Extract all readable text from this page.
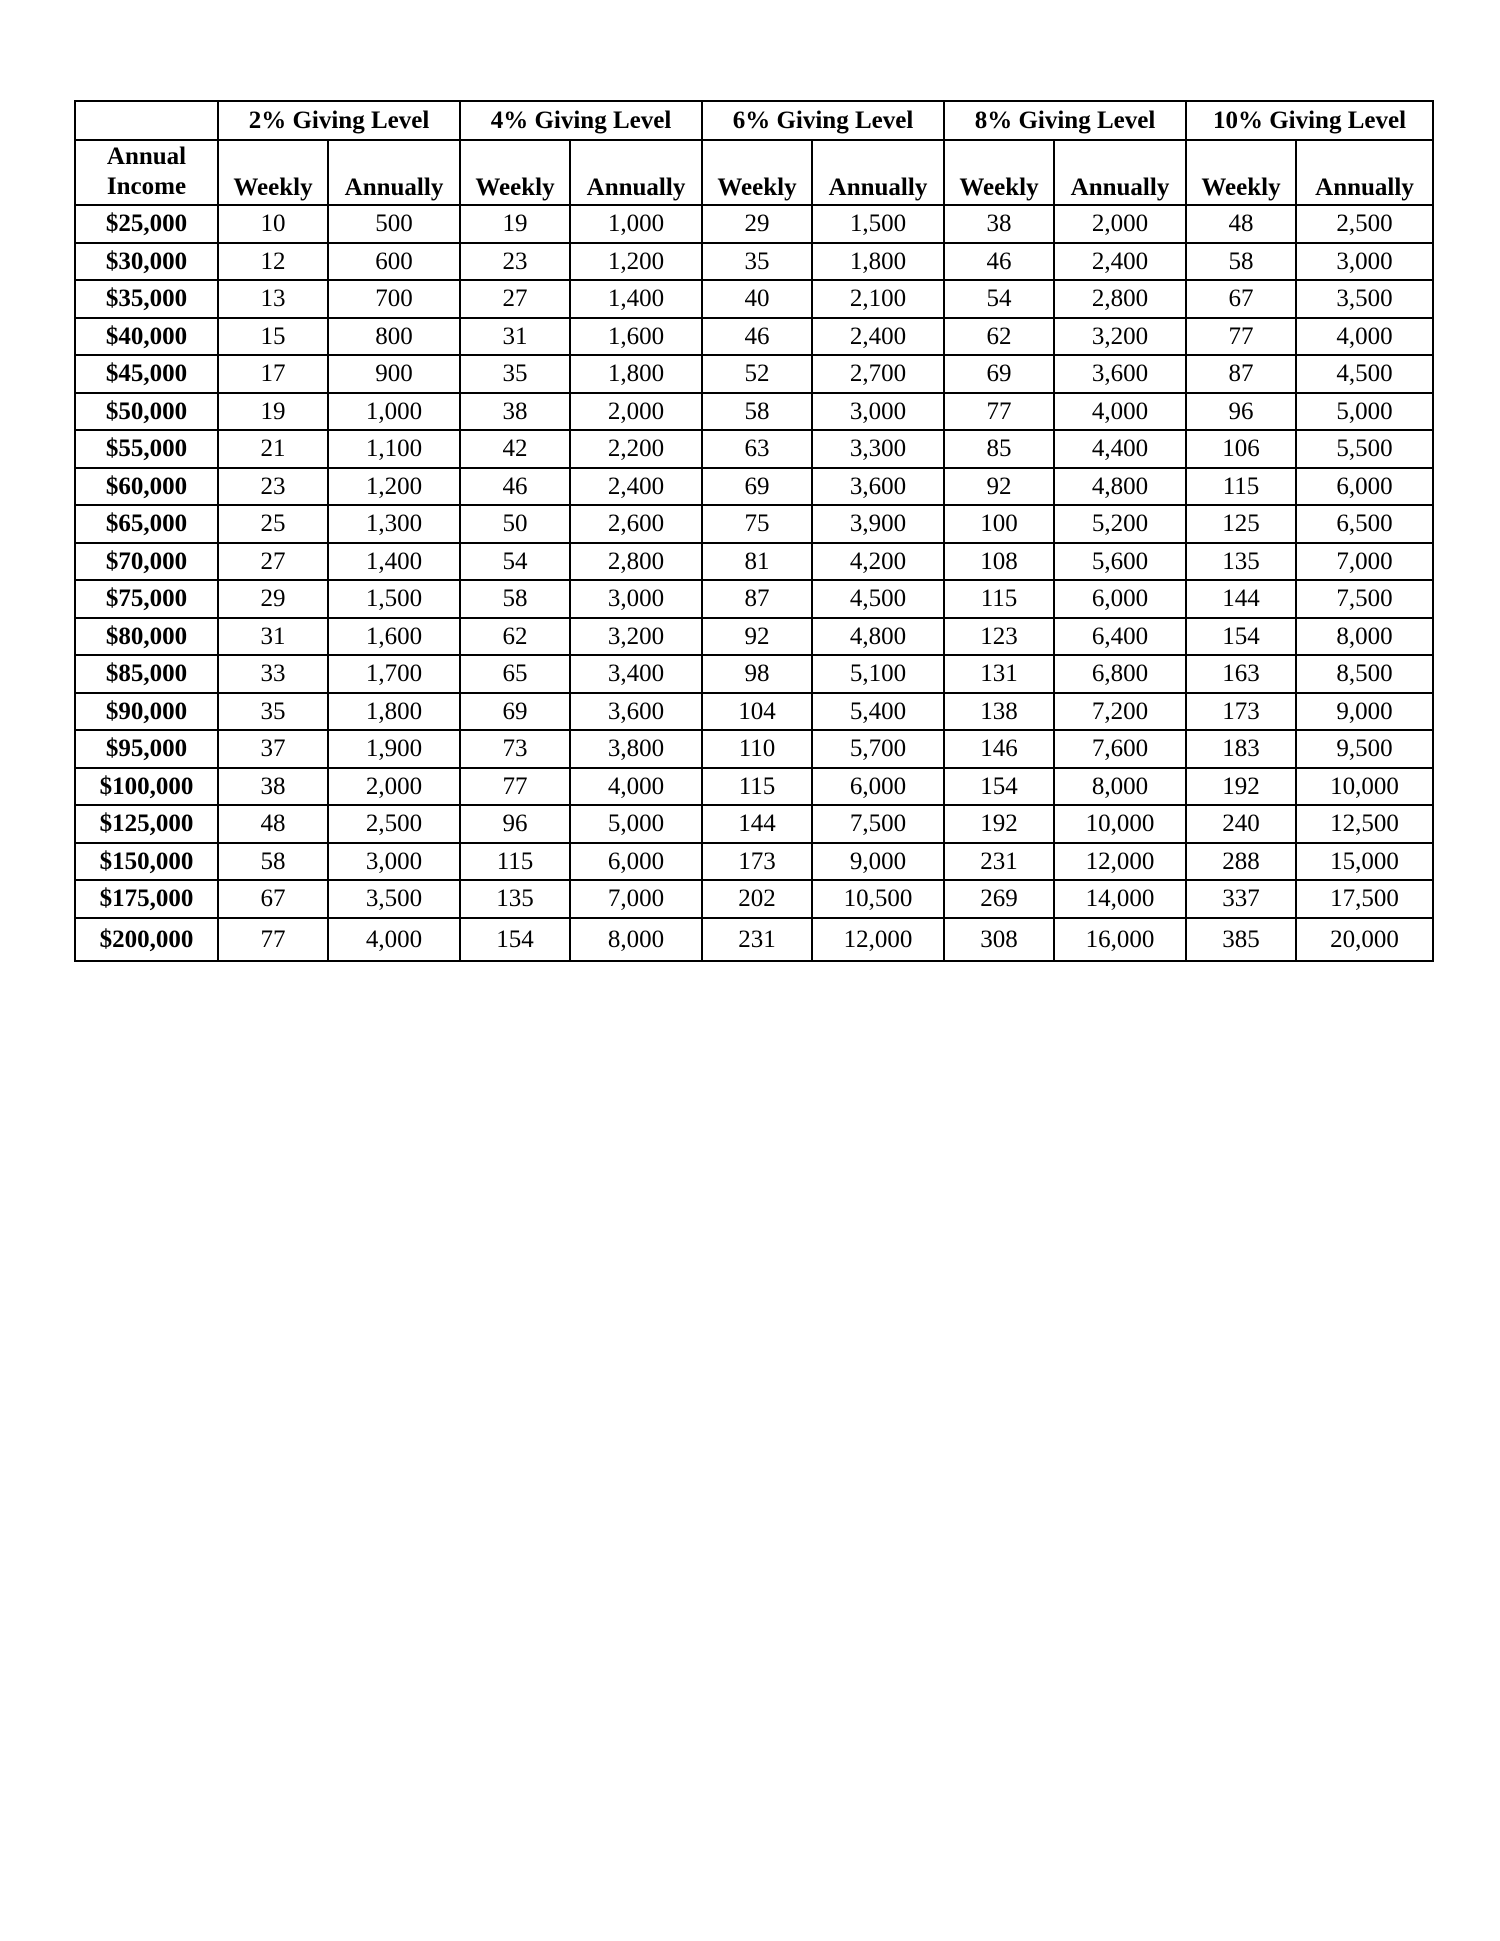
	2% Giving Level		4% Giving Level		6% Giving Level		8% Giving Level		10% Giving Level	
Annual
Income	Weekly	Annually	Weekly	Annually	Weekly	Annually	Weekly	Annually	Weekly	Annually
$25,000	10	500	19	1,000	29	1,500	38	2,000	48	2,500
$30,000	12	600	23	1,200	35	1,800	46	2,400	58	3,000
$35,000	13	700	27	1,400	40	2,100	54	2,800	67	3,500
$40,000	15	800	31	1,600	46	2,400	62	3,200	77	4,000
$45,000	17	900	35	1,800	52	2,700	69	3,600	87	4,500
$50,000	19	1,000	38	2,000	58	3,000	77	4,000	96	5,000
$55,000	21	1,100	42	2,200	63	3,300	85	4,400	106	5,500
$60,000	23	1,200	46	2,400	69	3,600	92	4,800	115	6,000
$65,000	25	1,300	50	2,600	75	3,900	100	5,200	125	6,500
$70,000	27	1,400	54	2,800	81	4,200	108	5,600	135	7,000
$75,000	29	1,500	58	3,000	87	4,500	115	6,000	144	7,500
$80,000	31	1,600	62	3,200	92	4,800	123	6,400	154	8,000
$85,000	33	1,700	65	3,400	98	5,100	131	6,800	163	8,500
$90,000	35	1,800	69	3,600	104	5,400	138	7,200	173	9,000
$95,000	37	1,900	73	3,800	110	5,700	146	7,600	183	9,500
$100,000	38	2,000	77	4,000	115	6,000	154	8,000	192	10,000
$125,000	48	2,500	96	5,000	144	7,500	192	10,000	240	12,500
$150,000	58	3,000	115	6,000	173	9,000	231	12,000	288	15,000
$175,000	67	3,500	135	7,000	202	10,500	269	14,000	337	17,500
$200,000	77	4,000	154	8,000	231	12,000	308	16,000	385	20,000
